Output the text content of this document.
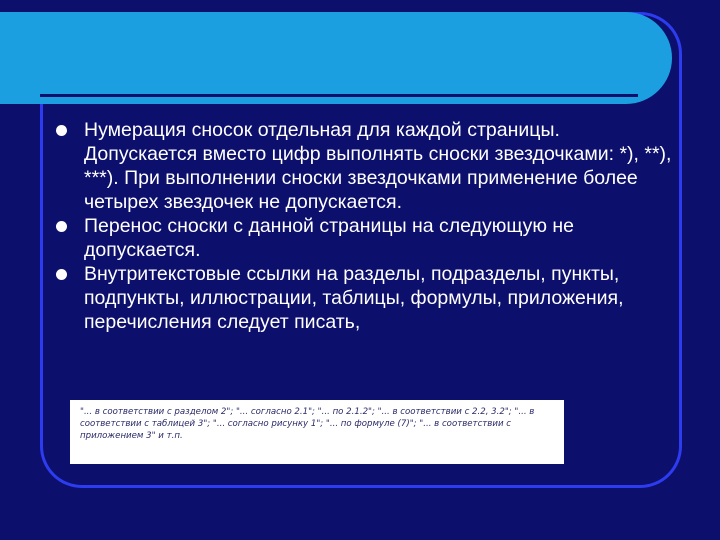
Нумерация сносок отдельная для каждой страницы. Допускается вместо цифр выполнять сноски звездочками: *), **), ***). При выполнении сноски звездочками применение более четырех звездочек не допускается.
Перенос сноски с данной страницы на следующую не допускается.
Внутритекстовые ссылки на разделы, подразделы, пункты, подпункты, иллюстрации, таблицы, формулы, приложения, перечисления следует писать,
"... в соответствии с разделом 2"; "... согласно 2.1"; "... по 2.1.2"; "... в соответствии с 2.2, 3.2"; "... в соответствии с таблицей 3"; "... согласно рисунку 1"; "... по формуле (7)"; "... в соответствии с приложением 3" и т.п.
